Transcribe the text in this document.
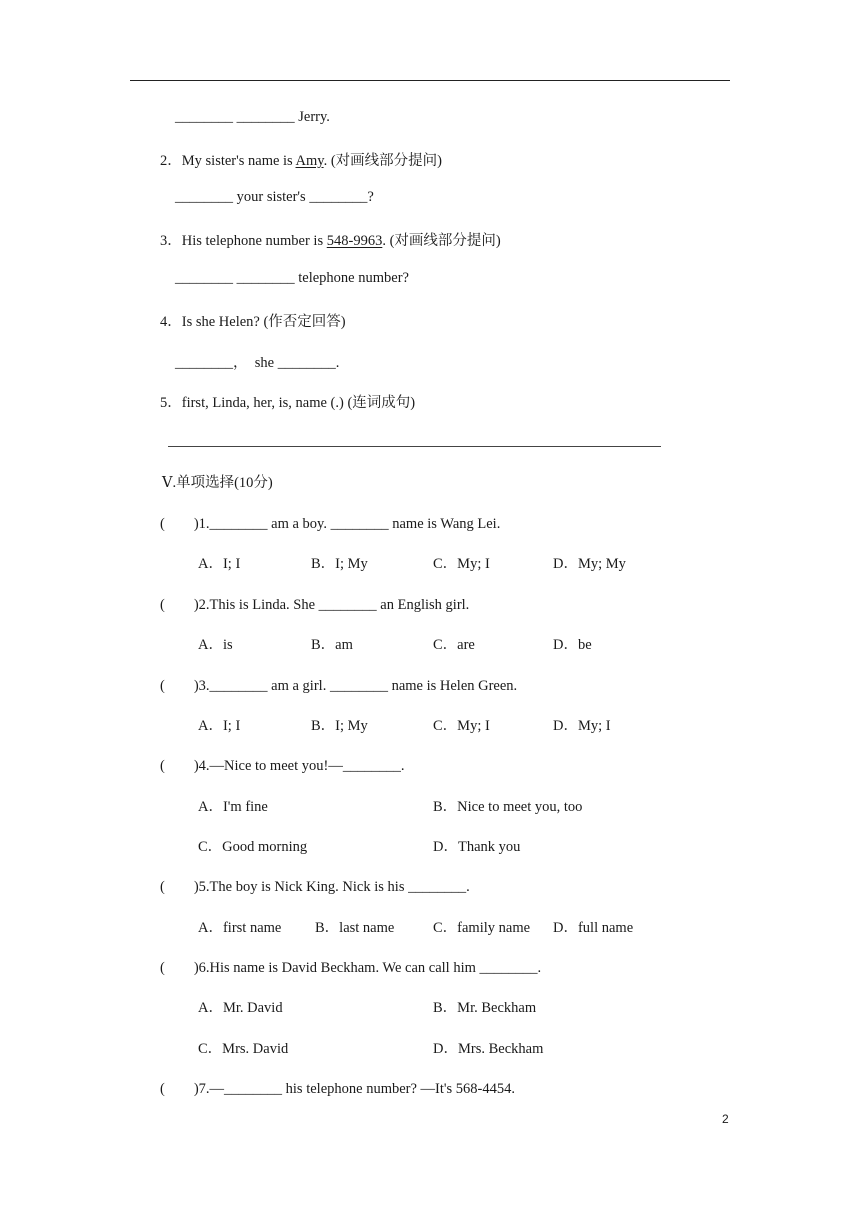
________ ________ Jerry.
2．My sister's name is Amy. (对画线部分提问)
________ your sister's ________?
3．His telephone number is 548-9963. (对画线部分提问)
________ ________ telephone number?
4．Is she Helen? (作否定回答)
________，  she ________.
5．first, Linda, her, is, name (.) (连词成句)
Ⅴ.单项选择(10分)
(　　)1.________ am a boy. ________ name is Wang Lei.
A．I; I	B．I; My	C．My; I	D．My; My
(　　)2.This is Linda. She ________ an English girl.
A．is	B．am	C．are	D．be
(　　)3.________ am a girl. ________ name is Helen Green.
A．I; I	B．I; My	C．My; I	D．My; I
(　　)4.—Nice to meet you!—________.
A．I'm fine	B．Nice to meet you, too
C．Good morning	D．Thank you
(　　)5.The boy is Nick King. Nick is his ________.
A．first name B．last name	C．family name D．full name
(　　)6.His name is David Beckham. We can call him ________.
A．Mr. David	B．Mr. Beckham
C．Mrs. David	D．Mrs. Beckham
(　　)7.—________ his telephone number? —It's 568-4454.
2
